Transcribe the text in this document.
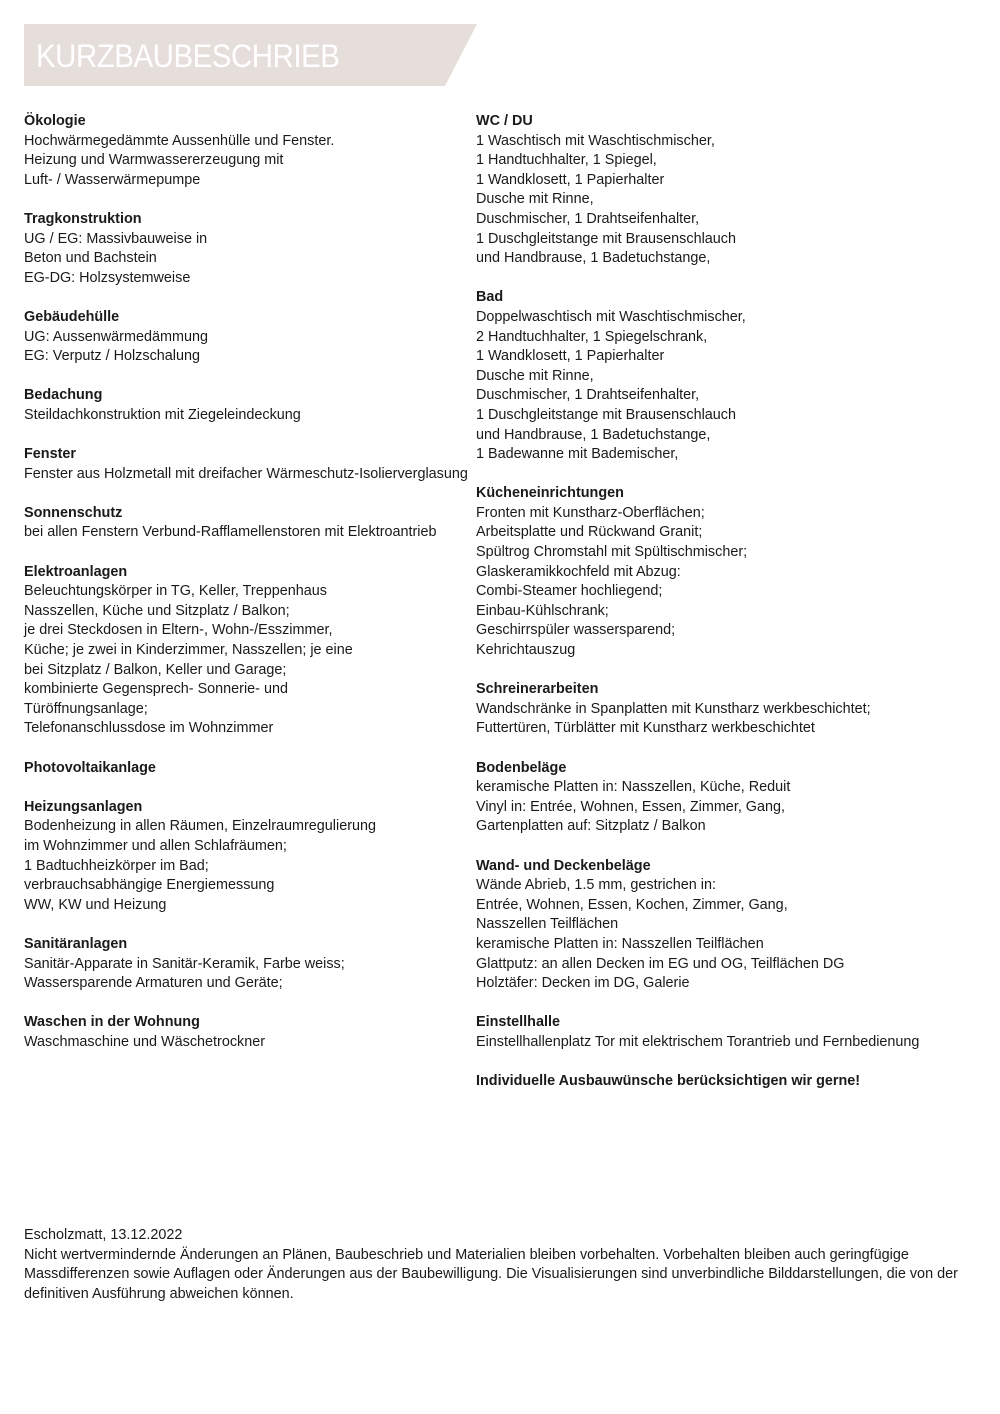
KURZBAUBESCHRIEB
Ökologie
Hochwärmegedämmte Aussenhülle und Fenster.
Heizung und Warmwassererzeugung mit
Luft- / Wasserwärmepumpe
Tragkonstruktion
UG / EG: Massivbauweise in
Beton und Bachstein
EG-DG: Holzsystemweise
Gebäudehülle
UG: Aussenwärmedämmung
EG: Verputz / Holzschalung
Bedachung
Steildachkonstruktion mit Ziegeleindeckung
Fenster
Fenster aus Holzmetall mit dreifacher Wärmeschutz-Isolierverglasung
Sonnenschutz
bei allen Fenstern Verbund-Rafflamellenstoren mit Elektroantrieb
Elektroanlagen
Beleuchtungskörper in TG, Keller, Treppenhaus
Nasszellen, Küche und Sitzplatz / Balkon;
je drei Steckdosen in Eltern-, Wohn-/Esszimmer,
Küche; je zwei in Kinderzimmer, Nasszellen; je eine
bei Sitzplatz / Balkon, Keller und Garage;
kombinierte Gegensprech- Sonnerie- und
Türöffnungsanlage;
Telefonanschlussdose im Wohnzimmer
Photovoltaikanlage
Heizungsanlagen
Bodenheizung in allen Räumen, Einzelraumregulierung
im Wohnzimmer und allen Schlafräumen;
1 Badtuchheizkörper im Bad;
verbrauchsabhängige Energiemessung
WW, KW und Heizung
Sanitäranlagen
Sanitär-Apparate in Sanitär-Keramik, Farbe weiss;
Wassersparende Armaturen und Geräte;
Waschen in der Wohnung
Waschmaschine und Wäschetrockner
WC / DU
1 Waschtisch mit Waschtischmischer,
1 Handtuchhalter, 1 Spiegel,
1 Wandklosett, 1 Papierhalter
Dusche mit Rinne,
Duschmischer, 1 Drahtseifenhalter,
1 Duschgleitstange mit Brausenschlauch
und Handbrause, 1 Badetuchstange,
Bad
Doppelwaschtisch mit Waschtischmischer,
2 Handtuchhalter, 1 Spiegelschrank,
1 Wandklosett, 1 Papierhalter
Dusche mit Rinne,
Duschmischer, 1 Drahtseifenhalter,
1 Duschgleitstange mit Brausenschlauch
und Handbrause, 1 Badetuchstange,
1 Badewanne mit Bademischer,
Kücheneinrichtungen
Fronten mit Kunstharz-Oberflächen;
Arbeitsplatte und Rückwand Granit;
Spültrog Chromstahl mit Spültischmischer;
Glaskeramikkochfeld mit Abzug:
Combi-Steamer hochliegend;
Einbau-Kühlschrank;
Geschirrspüler wassersparend;
Kehrichtauszug
Schreinerarbeiten
Wandschränke in Spanplatten mit Kunstharz werkbeschichtet;
Futtertüren, Türblätter mit Kunstharz werkbeschichtet
Bodenbeläge
keramische Platten in: Nasszellen, Küche, Reduit
Vinyl in: Entrée, Wohnen, Essen, Zimmer, Gang,
Gartenplatten auf: Sitzplatz / Balkon
Wand- und Deckenbeläge
Wände Abrieb, 1.5 mm, gestrichen in:
Entrée, Wohnen, Essen, Kochen, Zimmer, Gang,
Nasszellen Teilflächen
keramische Platten in: Nasszellen Teilflächen
Glattputz: an allen Decken im EG und OG, Teilflächen DG
Holztäfer: Decken im DG, Galerie
Einstellhalle
Einstellhallenplatz Tor mit elektrischem Torantrieb und Fernbedienung
Individuelle Ausbauwünsche berücksichtigen wir gerne!
Escholzmatt, 13.12.2022
Nicht wertvermindernde Änderungen an Plänen, Baubeschrieb und Materialien bleiben vorbehalten. Vorbehalten bleiben auch geringfügige Massdifferenzen sowie Auflagen oder Änderungen aus der Baubewilligung. Die Visualisierungen sind unverbindliche Bilddarstellungen, die von der definitiven Ausführung abweichen können.
